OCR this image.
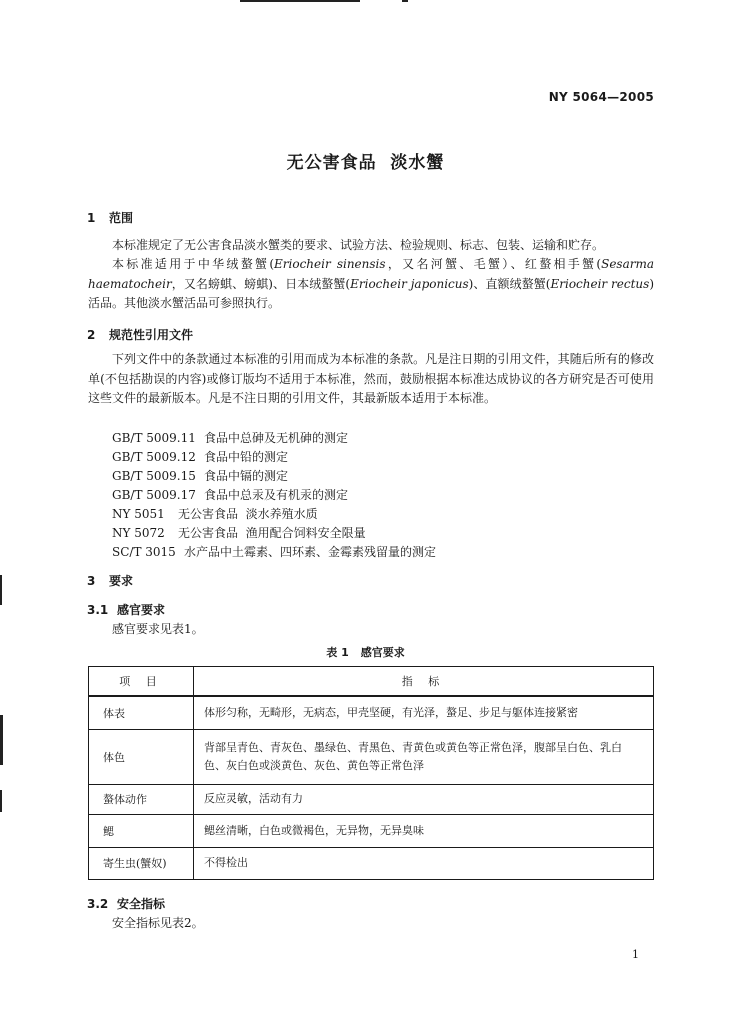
NY 5064—2005
无公害食品  淡水蟹
1 范围
本标准规定了无公害食品淡水蟹类的要求、试验方法、检验规则、标志、包装、运输和贮存。
本标准适用于中华绒螯蟹(Eriocheir sinensis，又名河蟹、毛蟹）、红螯相手蟹(Sesarma haematocheir，又名螃蜞、螃蜞)、日本绒螯蟹(Eriocheir japonicus)、直额绒螯蟹(Eriocheir rectus)活品。其他淡水蟹活品可参照执行。
2 规范性引用文件
下列文件中的条款通过本标准的引用而成为本标准的条款。凡是注日期的引用文件，其随后所有的修改单(不包括勘误的内容)或修订版均不适用于本标准，然而，鼓励根据本标准达成协议的各方研究是否可使用这些文件的最新版本。凡是不注日期的引用文件，其最新版本适用于本标准。
GB/T 5009.11 食品中总砷及无机砷的测定
GB/T 5009.12 食品中铅的测定
GB/T 5009.15 食品中镉的测定
GB/T 5009.17 食品中总汞及有机汞的测定
NY 5051 无公害食品  淡水养殖水质
NY 5072 无公害食品  渔用配合饲料安全限量
SC/T 3015 水产品中土霉素、四环素、金霉素残留量的测定
3 要求
3.1 感官要求
感官要求见表1。
表 1 感官要求
项 目	指 标
体表	体形匀称，无畸形，无病态，甲壳坚硬，有光泽，螯足、步足与躯体连接紧密
体色	背部呈青色、青灰色、墨绿色、青黑色、青黄色或黄色等正常色泽，腹部呈白色、乳白色、灰白色或淡黄色、灰色、黄色等正常色泽
螯体动作	反应灵敏，活动有力
鳃	鳃丝清晰，白色或微褐色，无异物，无异臭味
寄生虫(蟹奴)	不得检出
3.2 安全指标
安全指标见表2。
1
